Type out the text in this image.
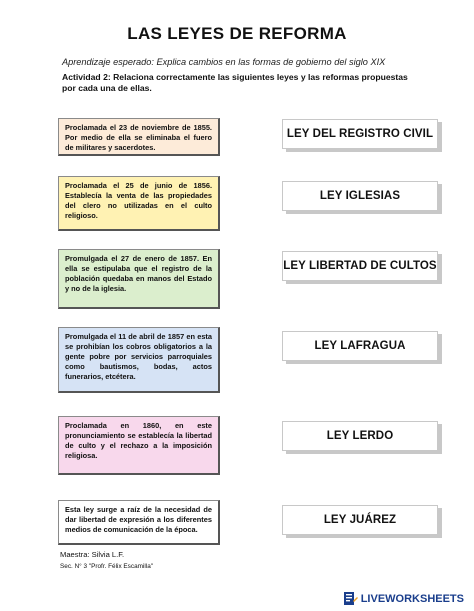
LAS LEYES DE REFORMA
Aprendizaje esperado: Explica cambios en las formas de gobierno del siglo XIX
Actividad 2: Relaciona correctamente las siguientes leyes y las reformas propuestas por cada una de ellas.
Proclamada el 23 de noviembre de 1855. Por medio de ella se eliminaba el fuero de militares y sacerdotes.
Proclamada el 25 de junio de 1856. Establecía la venta de las propiedades del clero no utilizadas en el culto religioso.
Promulgada el 27 de enero de 1857. En ella se estipulaba que el registro de la población quedaba en manos del Estado y no de la iglesia.
Promulgada el 11 de abril de 1857 en esta se prohibían los cobros obligatorios a la gente pobre por servicios parroquiales como bautismos, bodas, actos funerarios, etcétera.
Proclamada en 1860, en este pronunciamiento se establecía la libertad de culto y el rechazo a la imposición religiosa.
Esta ley surge a raíz de la necesidad de dar libertad de expresión a los diferentes medios de comunicación de la época.
LEY DEL REGISTRO CIVIL
LEY IGLESIAS
LEY LIBERTAD DE CULTOS
LEY LAFRAGUA
LEY LERDO
LEY JUÁREZ
Maestra: Silvia L.F.
Sec. N° 3 "Profr. Félix Escamilla"
LIVEWORKSHEETS
